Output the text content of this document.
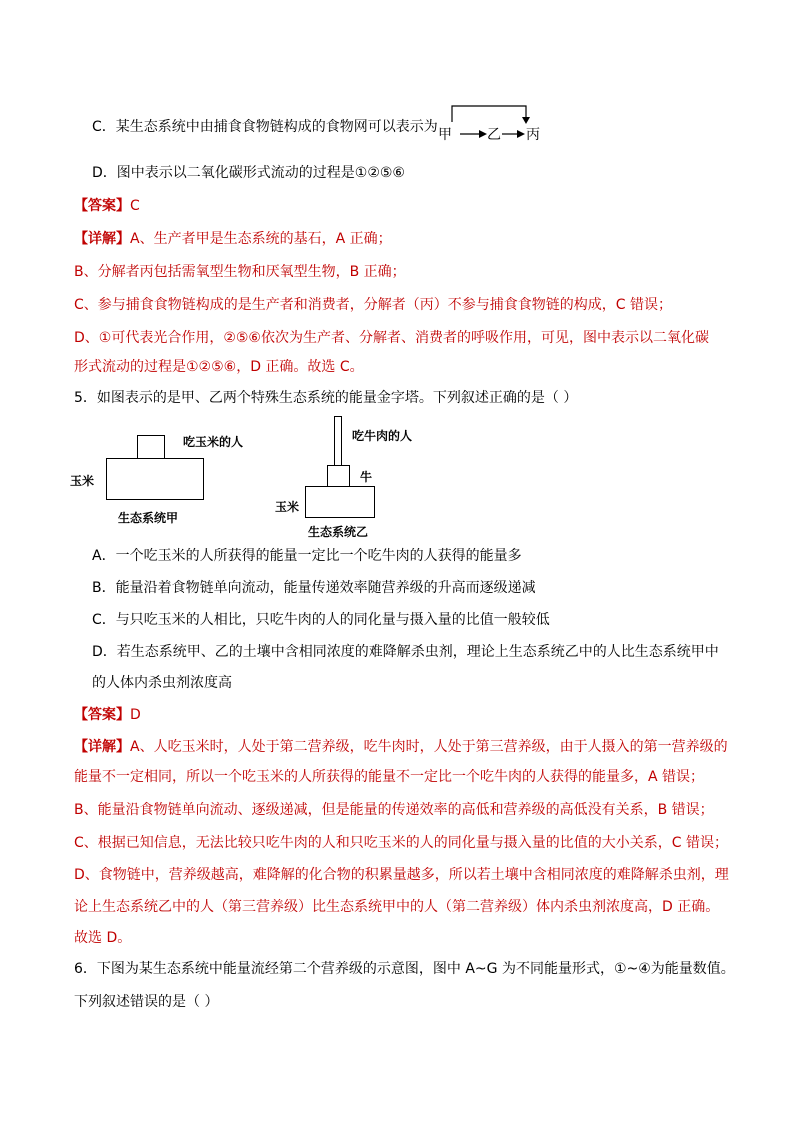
C．某生态系统中由捕食食物链构成的食物网可以表示为 甲	乙 丙
D．图中表示以二氧化碳形式流动的过程是①②⑤⑥
【答案】C
【详解】A、生产者甲是生态系统的基石，A 正确；
B、分解者丙包括需氧型生物和厌氧型生物，B 正确；
C、参与捕食食物链构成的是生产者和消费者，分解者（丙）不参与捕食食物链的构成，C 错误；
D、①可代表光合作用，②⑤⑥依次为生产者、分解者、消费者的呼吸作用，可见，图中表示以二氧化碳
形式流动的过程是①②⑤⑥，D 正确。故选 C。
5．如图表示的是甲、乙两个特殊生态系统的能量金字塔。下列叙述正确的是（ ）
吃玉米的人
玉米
生态系统甲
吃牛肉的人
牛
玉米
生态系统乙
A．一个吃玉米的人所获得的能量一定比一个吃牛肉的人获得的能量多
B．能量沿着食物链单向流动，能量传递效率随营养级的升高而逐级递减
C．与只吃玉米的人相比，只吃牛肉的人的同化量与摄入量的比值一般较低
D．若生态系统甲、乙的土壤中含相同浓度的难降解杀虫剂，理论上生态系统乙中的人比生态系统甲中
的人体内杀虫剂浓度高
【答案】D
【详解】A、人吃玉米时，人处于第二营养级，吃牛肉时，人处于第三营养级，由于人摄入的第一营养级的
能量不一定相同，所以一个吃玉米的人所获得的能量不一定比一个吃牛肉的人获得的能量多，A 错误；
B、能量沿食物链单向流动、逐级递减，但是能量的传递效率的高低和营养级的高低没有关系，B 错误；
C、根据已知信息，无法比较只吃牛肉的人和只吃玉米的人的同化量与摄入量的比值的大小关系，C 错误；
D、食物链中，营养级越高，难降解的化合物的积累量越多，所以若土壤中含相同浓度的难降解杀虫剂，理
论上生态系统乙中的人（第三营养级）比生态系统甲中的人（第二营养级）体内杀虫剂浓度高，D 正确。
故选 D。
6．下图为某生态系统中能量流经第二个营养级的示意图，图中 A~G 为不同能量形式，①~④为能量数值。
下列叙述错误的是（ ）
